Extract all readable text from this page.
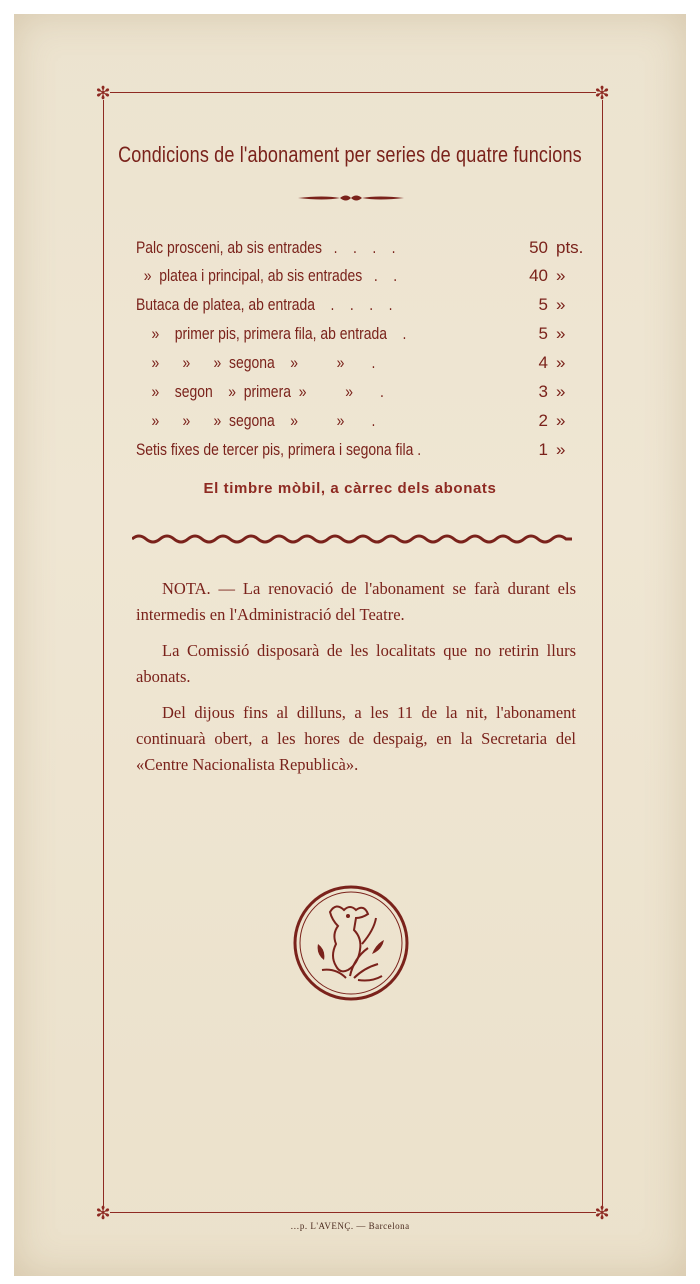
✻	✻
✻	✻
Condicions de l'abonament per series de quatre funcions
Palc prosceni, ab sis entrades   .    .    .    .	50 pts.
»  platea i principal, ab sis entrades   .    .	40 »
Butaca de platea, ab entrada    .    .    .    .	5 »
»    primer pis, primera fila, ab entrada    .	5 »
»      »      »  segona    »          »       .	4 »
»    segon    »  primera  »          »       .	3 »
»      »      »  segona    »          »       .	2 »
Setis fixes de tercer pis, primera i segona fila .	1 »
El timbre mòbil, a càrrec dels abonats

NOTA. — La renovació de l'abonament se farà durant els intermedis en l'Administració del Teatre.

La Comissió disposarà de les localitats que no retirin llurs abonats.

Del dijous fins al dilluns, a les 11 de la nit, l'abonament continuarà obert, a les hores de despaig, en la Secretaria del «Centre Nacionalista Republicà».

…p. L'AVENÇ. — Barcelona
